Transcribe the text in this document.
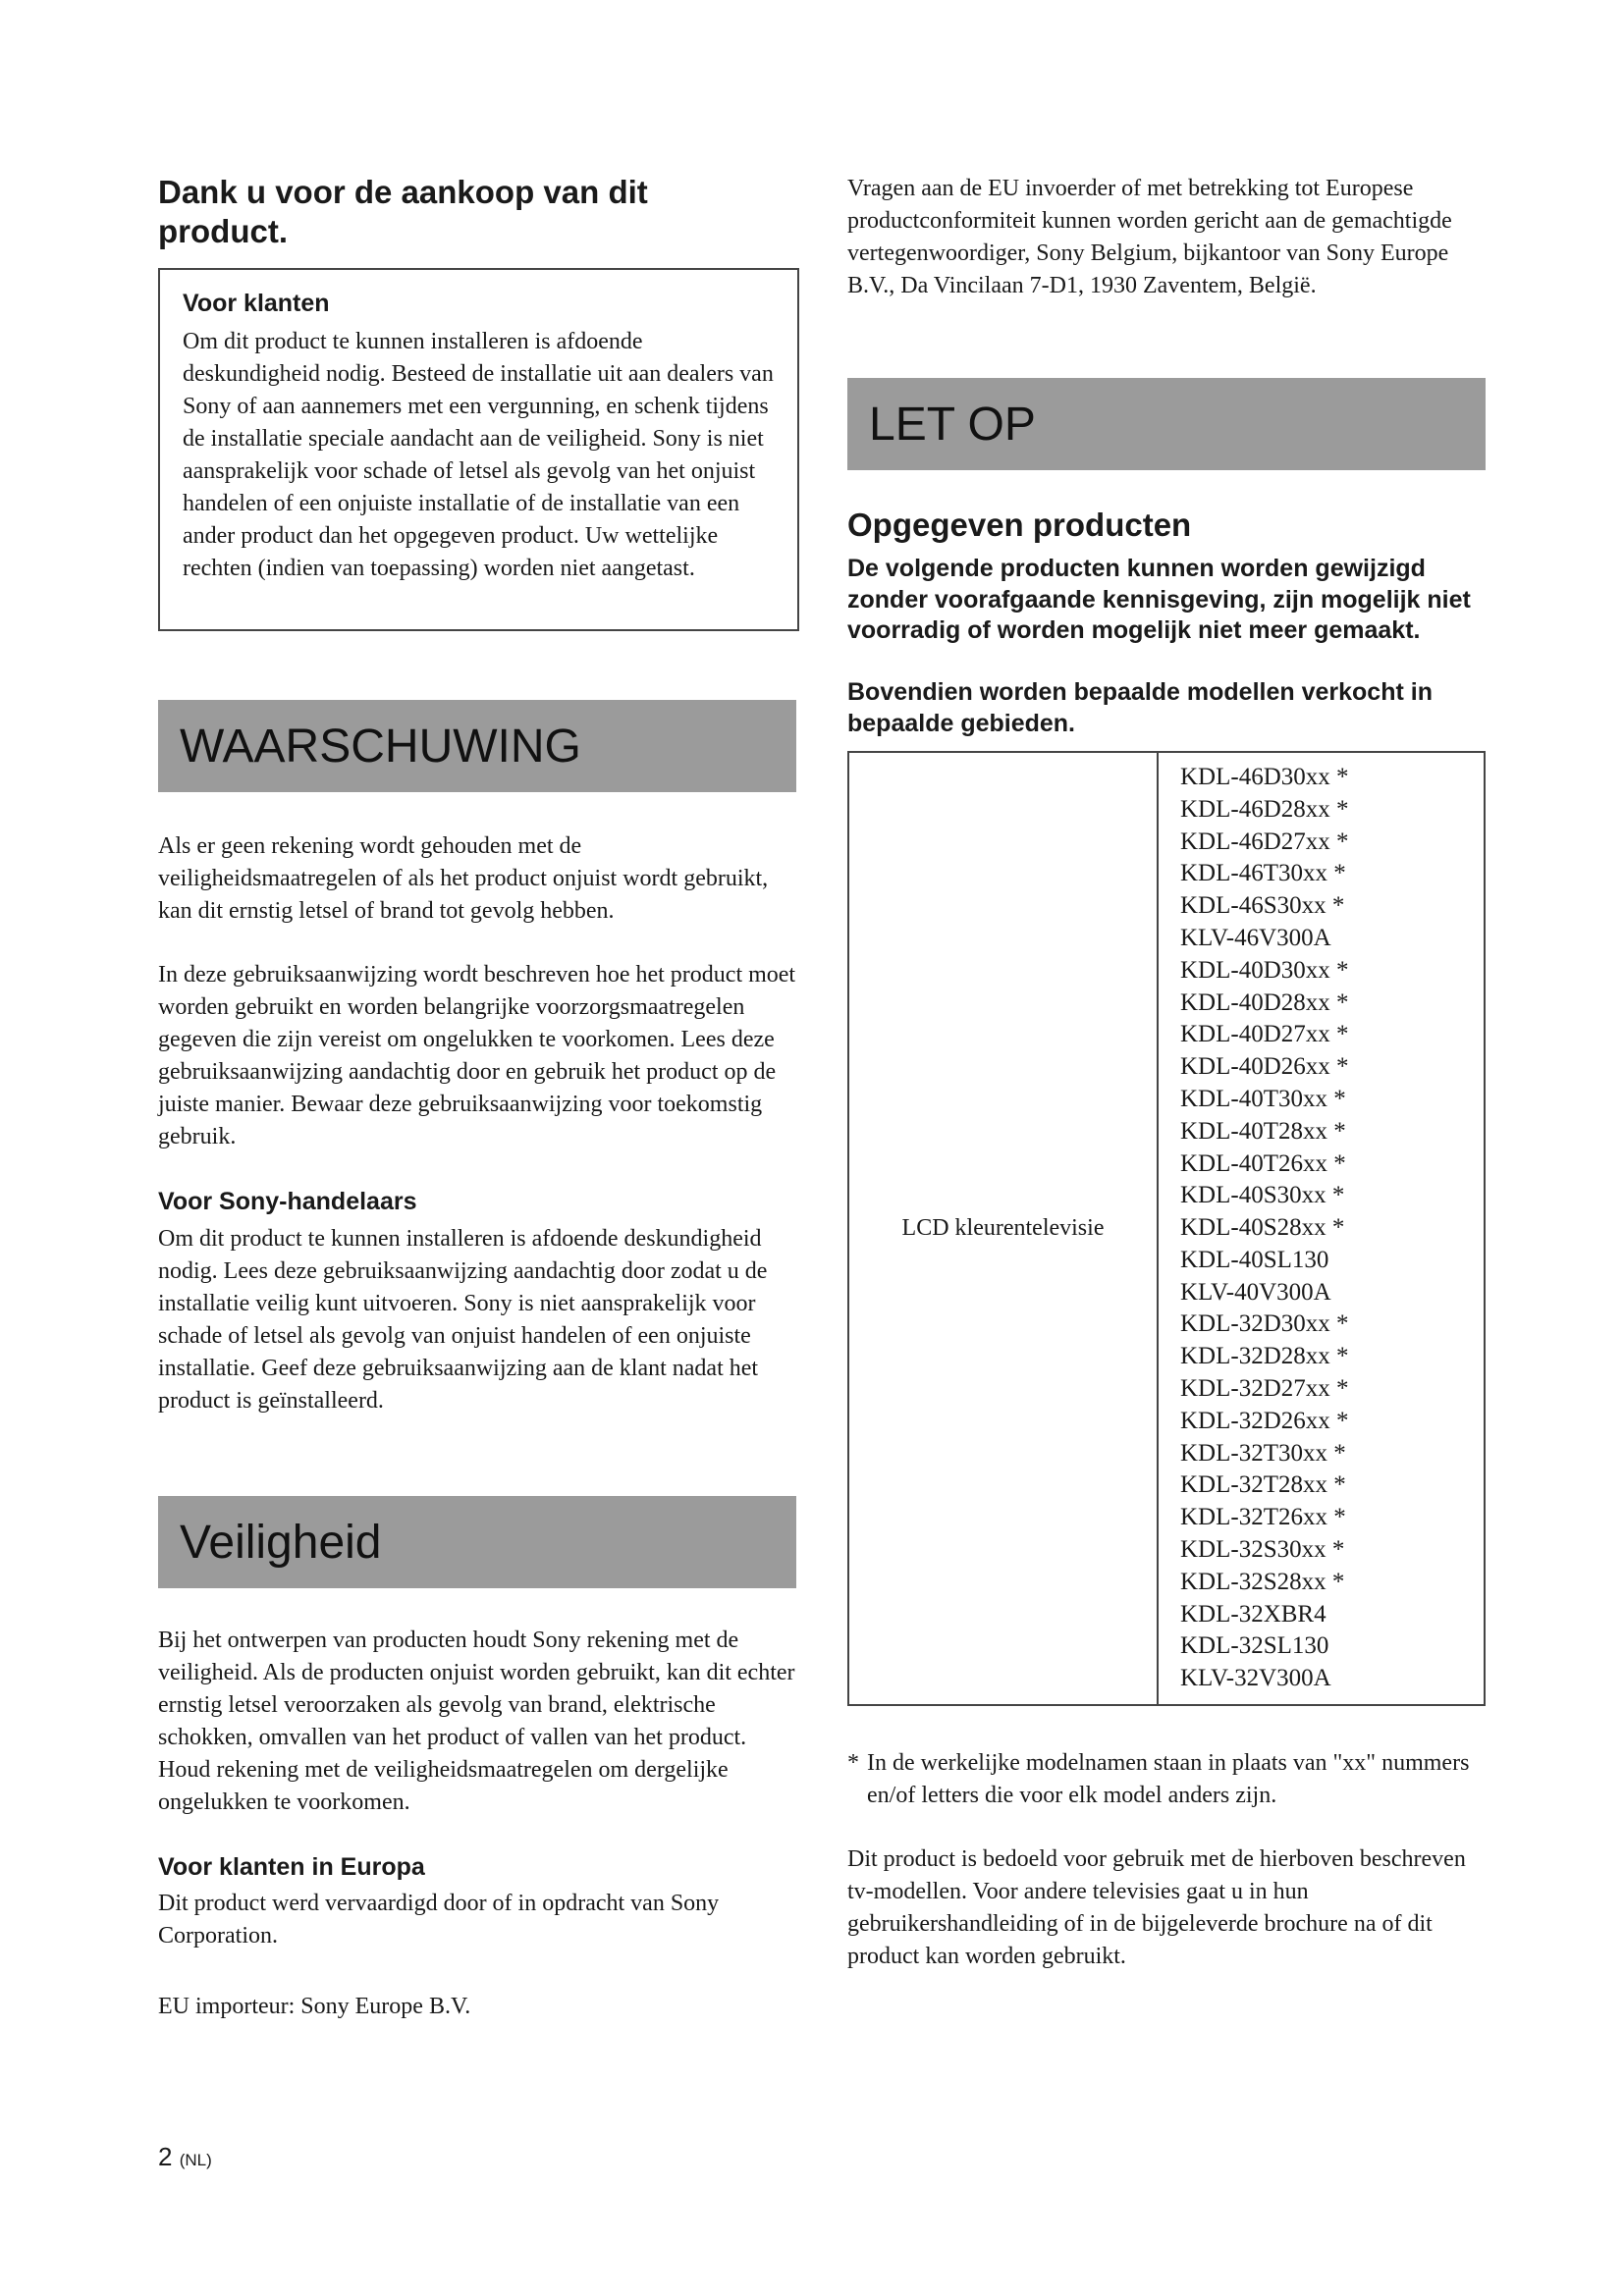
Dank u voor de aankoop van dit product.
Voor klanten

Om dit product te kunnen installeren is afdoende deskundigheid nodig. Besteed de installatie uit aan dealers van Sony of aan aannemers met een vergunning, en schenk tijdens de installatie speciale aandacht aan de veiligheid. Sony is niet aansprakelijk voor schade of letsel als gevolg van het onjuist handelen of een onjuiste installatie of de installatie van een ander product dan het opgegeven product. Uw wettelijke rechten (indien van toepassing) worden niet aangetast.

WAARSCHUWING

Als er geen rekening wordt gehouden met de veiligheidsmaatregelen of als het product onjuist wordt gebruikt, kan dit ernstig letsel of brand tot gevolg hebben.

In deze gebruiksaanwijzing wordt beschreven hoe het product moet worden gebruikt en worden belangrijke voorzorgsmaatregelen gegeven die zijn vereist om ongelukken te voorkomen. Lees deze gebruiksaanwijzing aandachtig door en gebruik het product op de juiste manier. Bewaar deze gebruiksaanwijzing voor toekomstig gebruik.

Voor Sony-handelaars

Om dit product te kunnen installeren is afdoende deskundigheid nodig. Lees deze gebruiksaanwijzing aandachtig door zodat u de installatie veilig kunt uitvoeren. Sony is niet aansprakelijk voor schade of letsel als gevolg van onjuist handelen of een onjuiste installatie. Geef deze gebruiksaanwijzing aan de klant nadat het product is geïnstalleerd.

Veiligheid

Bij het ontwerpen van producten houdt Sony rekening met de veiligheid. Als de producten onjuist worden gebruikt, kan dit echter ernstig letsel veroorzaken als gevolg van brand, elektrische schokken, omvallen van het product of vallen van het product. Houd rekening met de veiligheidsmaatregelen om dergelijke ongelukken te voorkomen.

Voor klanten in Europa

Dit product werd vervaardigd door of in opdracht van Sony Corporation.

EU importeur: Sony Europe B.V.

Vragen aan de EU invoerder of met betrekking tot Europese productconformiteit kunnen worden gericht aan de gemachtigde vertegenwoordiger, Sony Belgium, bijkantoor van Sony Europe B.V., Da Vincilaan 7-D1, 1930 Zaventem, België.

LET OP
Opgegeven producten

De volgende producten kunnen worden gewijzigd zonder voorafgaande kennisgeving, zijn mogelijk niet voorradig of worden mogelijk niet meer gemaakt.

Bovendien worden bepaalde modellen verkocht in bepaalde gebieden.

LCD kleurentelevisie	
KDL-46D30xx *
KDL-46D28xx *
KDL-46D27xx *
KDL-46T30xx *
KDL-46S30xx *
KLV-46V300A
KDL-40D30xx *
KDL-40D28xx *
KDL-40D27xx *
KDL-40D26xx *
KDL-40T30xx *
KDL-40T28xx *
KDL-40T26xx *
KDL-40S30xx *
KDL-40S28xx *
KDL-40SL130
KLV-40V300A
KDL-32D30xx *
KDL-32D28xx *
KDL-32D27xx *
KDL-32D26xx *
KDL-32T30xx *
KDL-32T28xx *
KDL-32T26xx *
KDL-32S30xx *
KDL-32S28xx *
KDL-32XBR4
KDL-32SL130
KLV-32V300A
* In de werkelijke modelnamen staan in plaats van "xx" nummers en/of letters die voor elk model anders zijn.

Dit product is bedoeld voor gebruik met de hierboven beschreven tv-modellen. Voor andere televisies gaat u in hun gebruikershandleiding of in de bijgeleverde brochure na of dit product kan worden gebruikt.

2 (NL)
